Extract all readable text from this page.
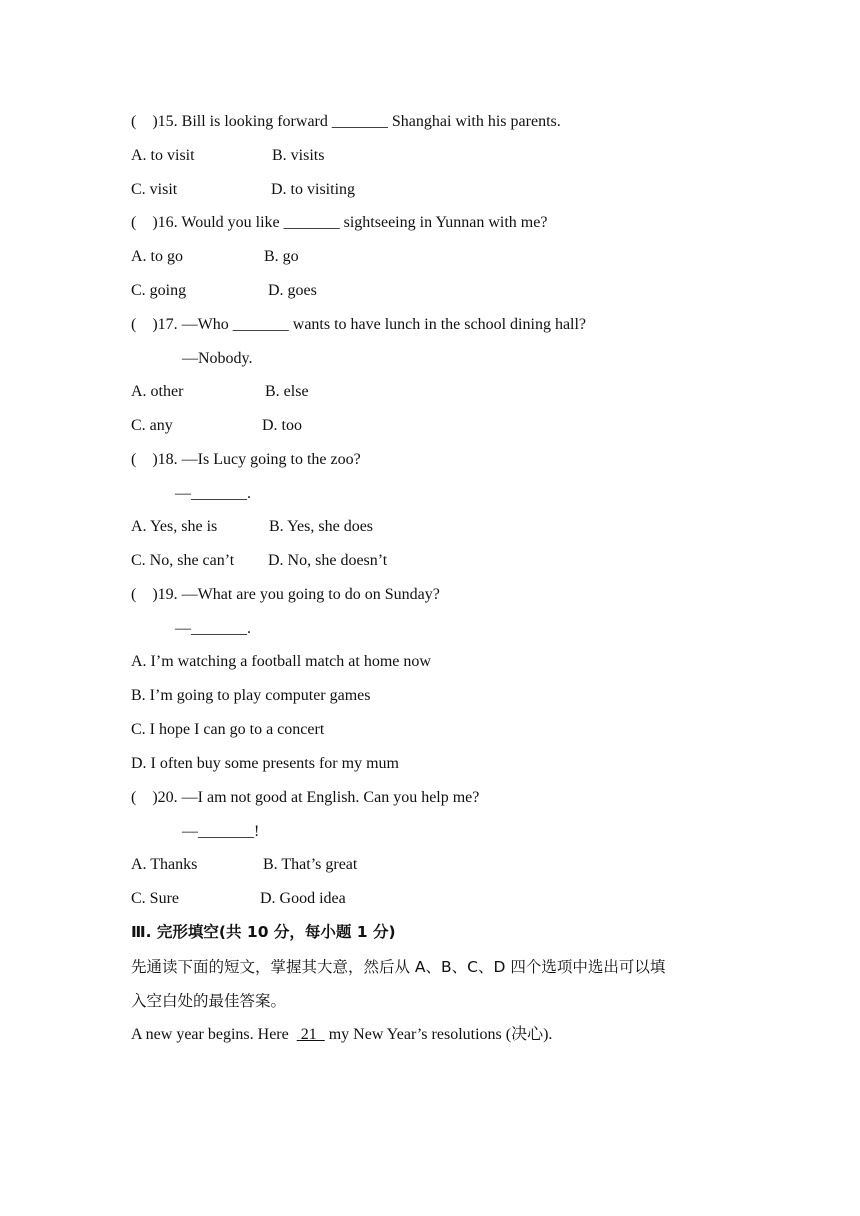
(    )15. Bill is looking forward _______ Shanghai with his parents.
A. to visit	B. visits
C. visit	D. to visiting
(    )16. Would you like _______ sightseeing in Yunnan with me?
A. to go	B. go
C. going	D. goes
(    )17. —Who _______ wants to have lunch in the school dining hall?
—Nobody.
A. other	B. else
C. any	D. too
(    )18. —Is Lucy going to the zoo?
—_______.
A. Yes, she is	B. Yes, she does
C. No, she can’t D. No, she doesn’t
(    )19. —What are you going to do on Sunday?
—_______.
A. I’m watching a football match at home now
B. I’m going to play computer games
C. I hope I can go to a concert
D. I often buy some presents for my mum
(    )20. —I am not good at English. Can you help me?
—_______!
A. Thanks	B. That’s great
C. Sure	D. Good idea
Ⅲ. 完形填空(共 10 分，每小题 1 分)
先通读下面的短文，掌握其大意，然后从 A、B、C、D 四个选项中选出可以填
入空白处的最佳答案。
A new year begins. Here   21   my New Year’s resolutions (决心).
